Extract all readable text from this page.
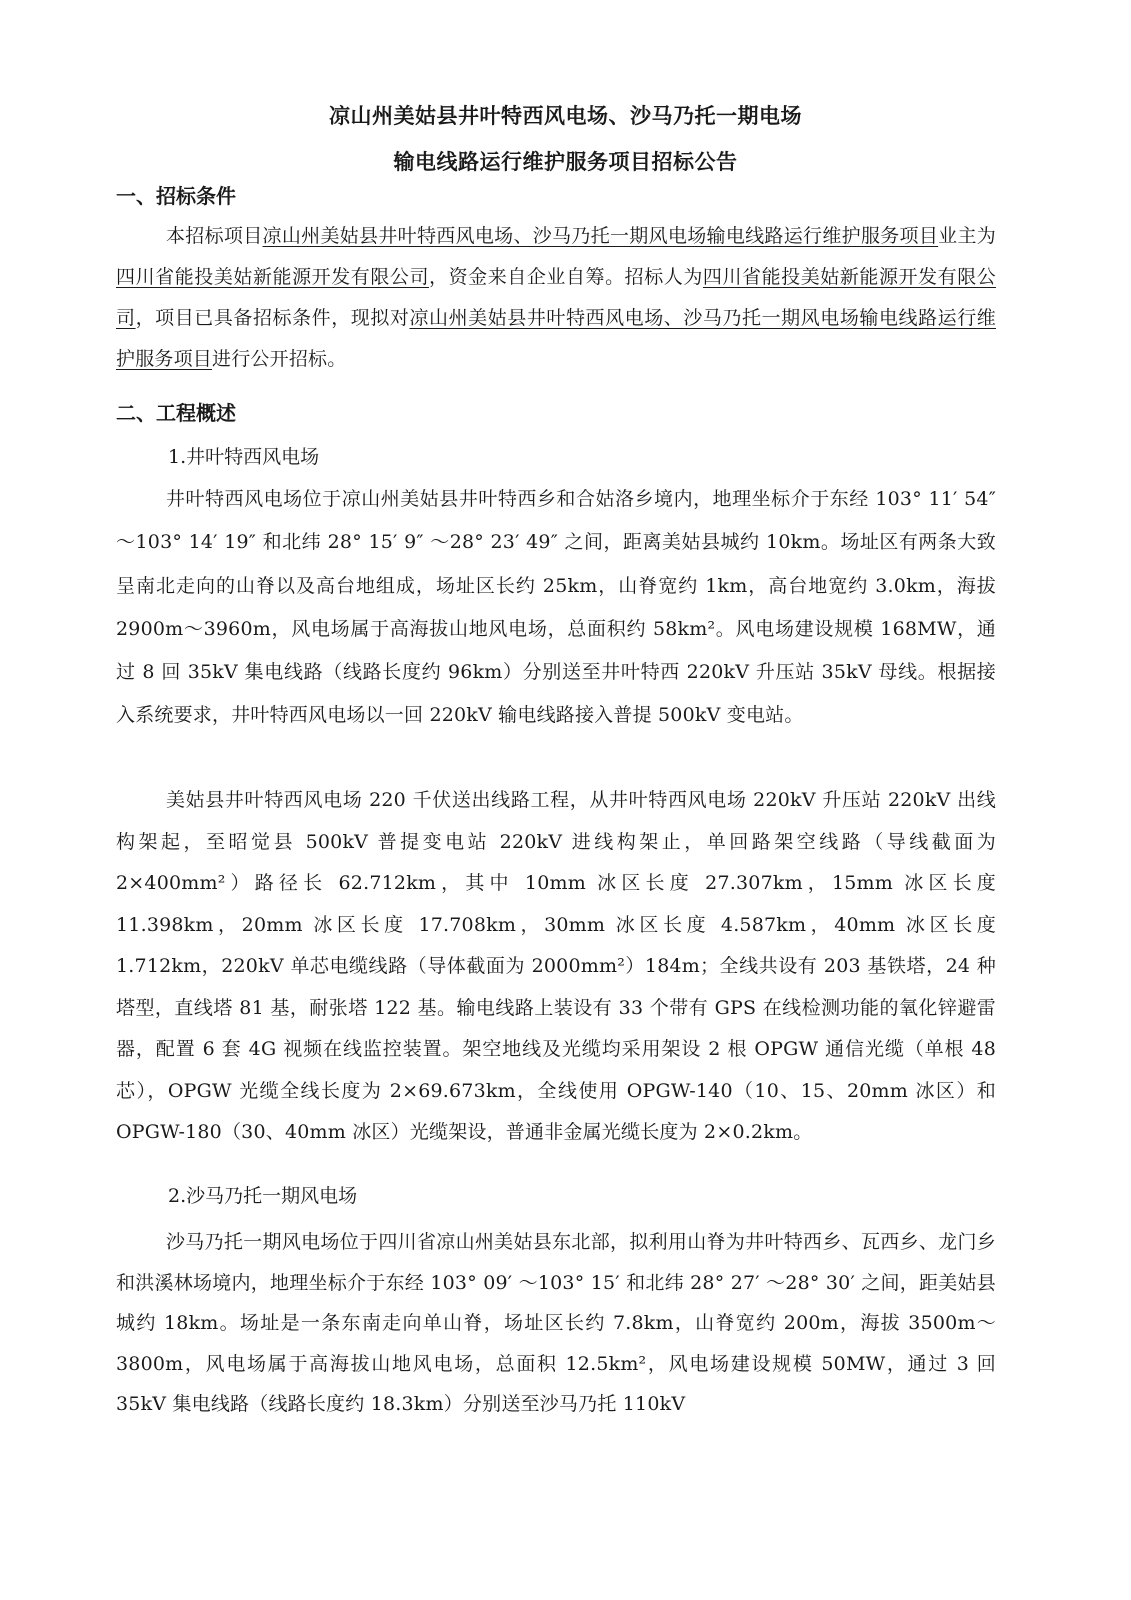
凉山州美姑县井叶特西风电场、沙马乃托一期电场
输电线路运行维护服务项目招标公告
一、招标条件

本招标项目凉山州美姑县井叶特西风电场、沙马乃托一期风电场输电线路运行维护服务项目业主为四川省能投美姑新能源开发有限公司，资金来自企业自筹。招标人为四川省能投美姑新能源开发有限公司，项目已具备招标条件，现拟对凉山州美姑县井叶特西风电场、沙马乃托一期风电场输电线路运行维护服务项目进行公开招标。

二、工程概述

1.井叶特西风电场

井叶特西风电场位于凉山州美姑县井叶特西乡和合姑洛乡境内，地理坐标介于东经 103° 11′ 54″ ～103° 14′ 19″ 和北纬 28° 15′ 9″ ～28° 23′ 49″ 之间，距离美姑县城约 10km。场址区有两条大致呈南北走向的山脊以及高台地组成，场址区长约 25km，山脊宽约 1km，高台地宽约 3.0km，海拔 2900m～3960m，风电场属于高海拔山地风电场，总面积约 58km²。风电场建设规模 168MW，通过 8 回 35kV 集电线路（线路长度约 96km）分别送至井叶特西 220kV 升压站 35kV 母线。根据接入系统要求，井叶特西风电场以一回 220kV 输电线路接入普提 500kV 变电站。

美姑县井叶特西风电场 220 千伏送出线路工程，从井叶特西风电场 220kV 升压站 220kV 出线构架起，至昭觉县 500kV 普提变电站 220kV 进线构架止，单回路架空线路（导线截面为 2×400mm²）路径长 62.712km，其中 10mm 冰区长度 27.307km，15mm 冰区长度 11.398km，20mm 冰区长度 17.708km，30mm 冰区长度 4.587km，40mm 冰区长度 1.712km，220kV 单芯电缆线路（导体截面为 2000mm²）184m；全线共设有 203 基铁塔，24 种塔型，直线塔 81 基，耐张塔 122 基。输电线路上装设有 33 个带有 GPS 在线检测功能的氧化锌避雷器，配置 6 套 4G 视频在线监控装置。架空地线及光缆均采用架设 2 根 OPGW 通信光缆（单根 48 芯），OPGW 光缆全线长度为 2×69.673km，全线使用 OPGW-140（10、15、20mm 冰区）和 OPGW-180（30、40mm 冰区）光缆架设，普通非金属光缆长度为 2×0.2km。

2.沙马乃托一期风电场

沙马乃托一期风电场位于四川省凉山州美姑县东北部，拟利用山脊为井叶特西乡、瓦西乡、龙门乡和洪溪林场境内，地理坐标介于东经 103° 09′ ～103° 15′ 和北纬 28° 27′ ～28° 30′ 之间，距美姑县城约 18km。场址是一条东南走向单山脊，场址区长约 7.8km，山脊宽约 200m，海拔 3500m～3800m，风电场属于高海拔山地风电场，总面积 12.5km²，风电场建设规模 50MW，通过 3 回 35kV 集电线路（线路长度约 18.3km）分别送至沙马乃托 110kV
